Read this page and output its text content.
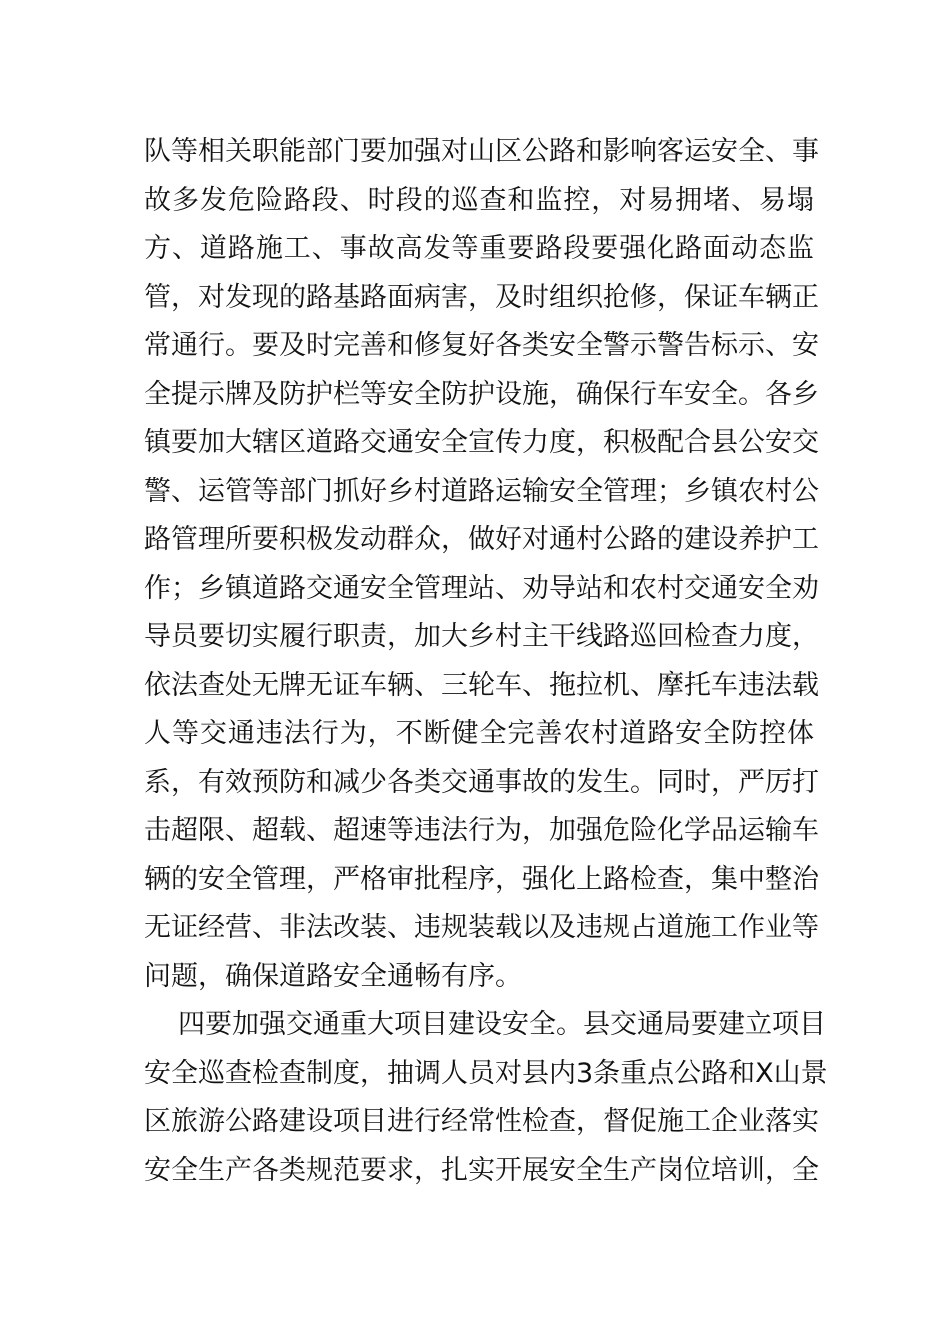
队等相关职能部门要加强对山区公路和影响客运安全、事
故多发危险路段、时段的巡查和监控，对易拥堵、易塌
方、道路施工、事故高发等重要路段要强化路面动态监
管，对发现的路基路面病害，及时组织抢修，保证车辆正
常通行。要及时完善和修复好各类安全警示警告标示、安
全提示牌及防护栏等安全防护设施，确保行车安全。各乡
镇要加大辖区道路交通安全宣传力度，积极配合县公安交
警、运管等部门抓好乡村道路运输安全管理；乡镇农村公
路管理所要积极发动群众，做好对通村公路的建设养护工
作；乡镇道路交通安全管理站、劝导站和农村交通安全劝
导员要切实履行职责，加大乡村主干线路巡回检查力度，
依法查处无牌无证车辆、三轮车、拖拉机、摩托车违法载
人等交通违法行为，不断健全完善农村道路安全防控体
系，有效预防和减少各类交通事故的发生。同时，严厉打
击超限、超载、超速等违法行为，加强危险化学品运输车
辆的安全管理，严格审批程序，强化上路检查，集中整治
无证经营、非法改装、违规装载以及违规占道施工作业等
问题，确保道路安全通畅有序。
四要加强交通重大项目建设安全。县交通局要建立项目
安全巡查检查制度，抽调人员对县内3条重点公路和X山景
区旅游公路建设项目进行经常性检查，督促施工企业落实
安全生产各类规范要求，扎实开展安全生产岗位培训，全
